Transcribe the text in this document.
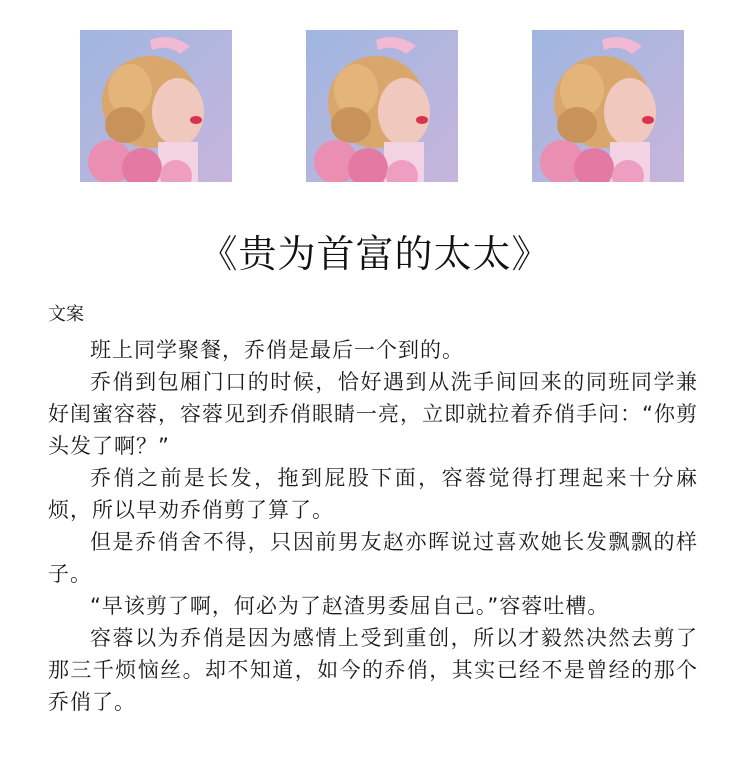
《贵为首富的太太》
文案

班上同学聚餐，乔俏是最后一个到的。

乔俏到包厢门口的时候，恰好遇到从洗手间回来的同班同学兼好闺蜜容蓉，容蓉见到乔俏眼睛一亮，立即就拉着乔俏手问：“你剪头发了啊？”

乔俏之前是长发，拖到屁股下面，容蓉觉得打理起来十分麻烦，所以早劝乔俏剪了算了。

但是乔俏舍不得，只因前男友赵亦晖说过喜欢她长发飘飘的样子。

“早该剪了啊，何必为了赵渣男委屈自己。”容蓉吐槽。

容蓉以为乔俏是因为感情上受到重创，所以才毅然决然去剪了那三千烦恼丝。却不知道，如今的乔俏，其实已经不是曾经的那个乔俏了。
